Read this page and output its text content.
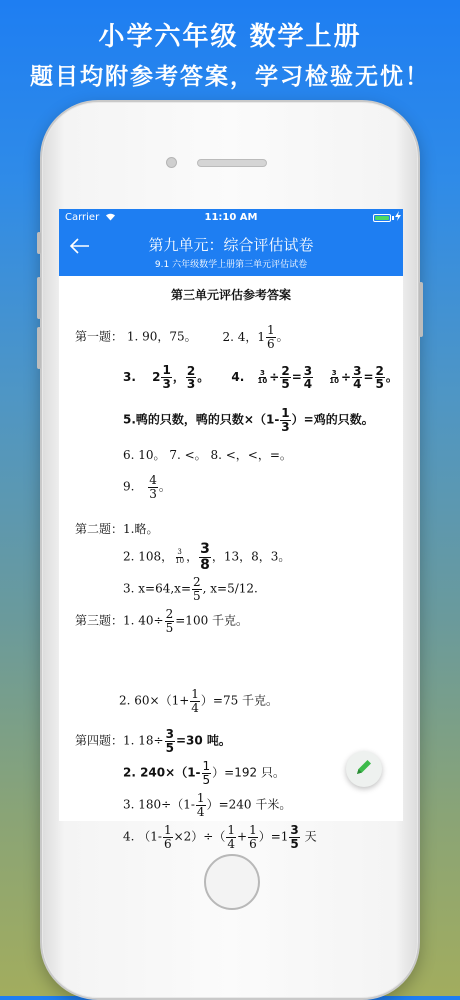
小学六年级 数学上册
题目均附参考答案，学习检验无忧！
Carrier	11:10 AM
第九单元：综合评估试卷
9.1 六年级数学上册第三单元评估试卷
第三单元评估参考答案
第一题： 1. 90，75。 2. 4，$1 \frac{1}{6}$ 。
3. $2 \frac{1}{3}$ ， $\frac{2}{3}$ 。 4. $\frac{3}{10} \div \frac{2}{5} = \frac{3}{4}$
$\frac{3}{10} \div \frac{3}{4} = \frac{2}{5}$ 。
5.鸭的只数，鸭的只数$\times(1- \frac{1}{3}$ ）=鸡的只数。
6. 10。 7. <。 8. <，<，=。
9. $\frac{4}{3}$ 。
第二题：1.略。
2. 108， $\frac{3}{10}$ ， $\frac{3}{8}$ ，13，8，3。
3. $x=64,x= \frac{2}{5}$ , x=5/12.
第三题：1. $40\div \frac{2}{5} =100$ 千克。
2. $60\times(1+ \frac{1}{4} )=75$ 千克。
第四题：1. $18\div \frac{3}{5} =30$ 吨。
2. $240\times(1- \frac{1}{5} )=192$ 只。
3. $180\div(1- \frac{1}{4} )=240$ 千米。
4. $(1- \frac{1}{6} \times 2)\div( \frac{1}{4} + \frac{1}{6} )=1 \frac{3}{5}$ 天
